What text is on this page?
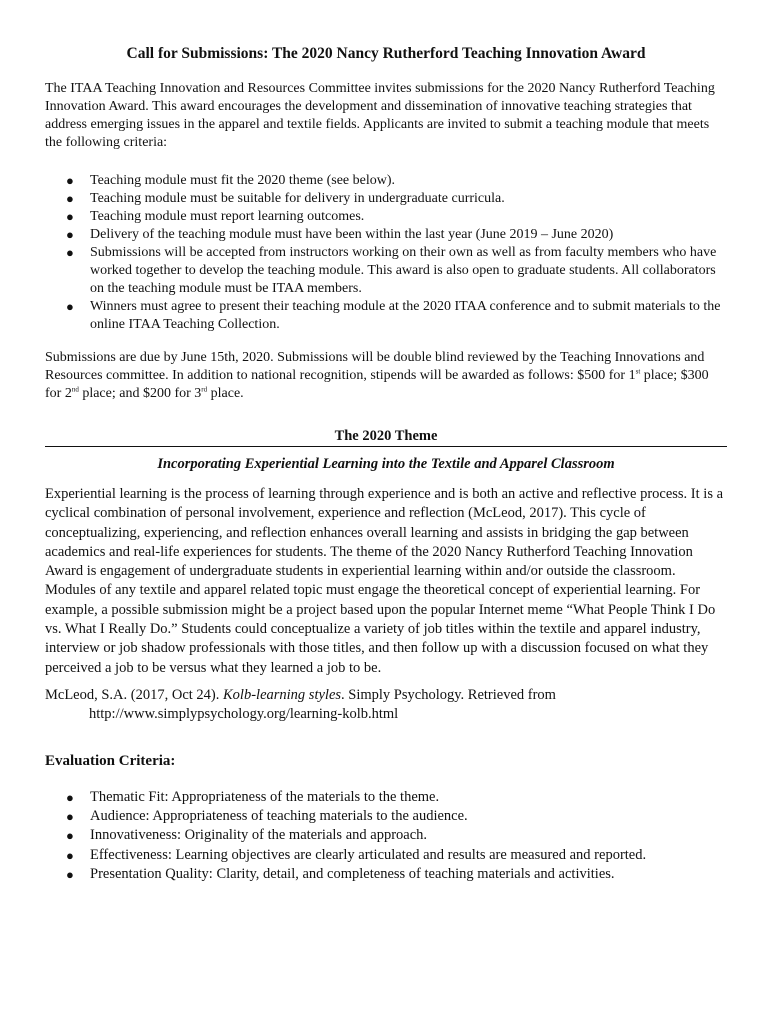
Call for Submissions: The 2020 Nancy Rutherford Teaching Innovation Award

The ITAA Teaching Innovation and Resources Committee invites submissions for the 2020 Nancy Rutherford Teaching Innovation Award. This award encourages the development and dissemination of innovative teaching strategies that address emerging issues in the apparel and textile fields. Applicants are invited to submit a teaching module that meets the following criteria:

● Teaching module must fit the 2020 theme (see below).
● Teaching module must be suitable for delivery in undergraduate curricula.
● Teaching module must report learning outcomes.
● Delivery of the teaching module must have been within the last year (June 2019 – June 2020)
● Submissions will be accepted from instructors working on their own as well as from faculty members who have worked together to develop the teaching module. This award is also open to graduate students. All collaborators on the teaching module must be ITAA members.
● Winners must agree to present their teaching module at the 2020 ITAA conference and to submit materials to the online ITAA Teaching Collection.

Submissions are due by June 15th, 2020. Submissions will be double blind reviewed by the Teaching Innovations and Resources committee. In addition to national recognition, stipends will be awarded as follows: $500 for 1st place; $300 for 2nd place; and $200 for 3rd place.

The 2020 Theme
Incorporating Experiential Learning into the Textile and Apparel Classroom

Experiential learning is the process of learning through experience and is both an active and reflective process. It is a cyclical combination of personal involvement, experience and reflection (McLeod, 2017). This cycle of conceptualizing, experiencing, and reflection enhances overall learning and assists in bridging the gap between academics and real-life experiences for students. The theme of the 2020 Nancy Rutherford Teaching Innovation Award is engagement of undergraduate students in experiential learning within and/or outside the classroom. Modules of any textile and apparel related topic must engage the theoretical concept of experiential learning. For example, a possible submission might be a project based upon the popular Internet meme “What People Think I Do vs. What I Really Do.” Students could conceptualize a variety of job titles within the textile and apparel industry, interview or job shadow professionals with those titles, and then follow up with a discussion focused on what they perceived a job to be versus what they learned a job to be.

McLeod, S.A. (2017, Oct 24). Kolb-learning styles. Simply Psychology. Retrieved from http://www.simplypsychology.org/learning-kolb.html

Evaluation Criteria:
● Thematic Fit: Appropriateness of the materials to the theme.
● Audience: Appropriateness of teaching materials to the audience.
● Innovativeness: Originality of the materials and approach.
● Effectiveness: Learning objectives are clearly articulated and results are measured and reported.
● Presentation Quality: Clarity, detail, and completeness of teaching materials and activities.
